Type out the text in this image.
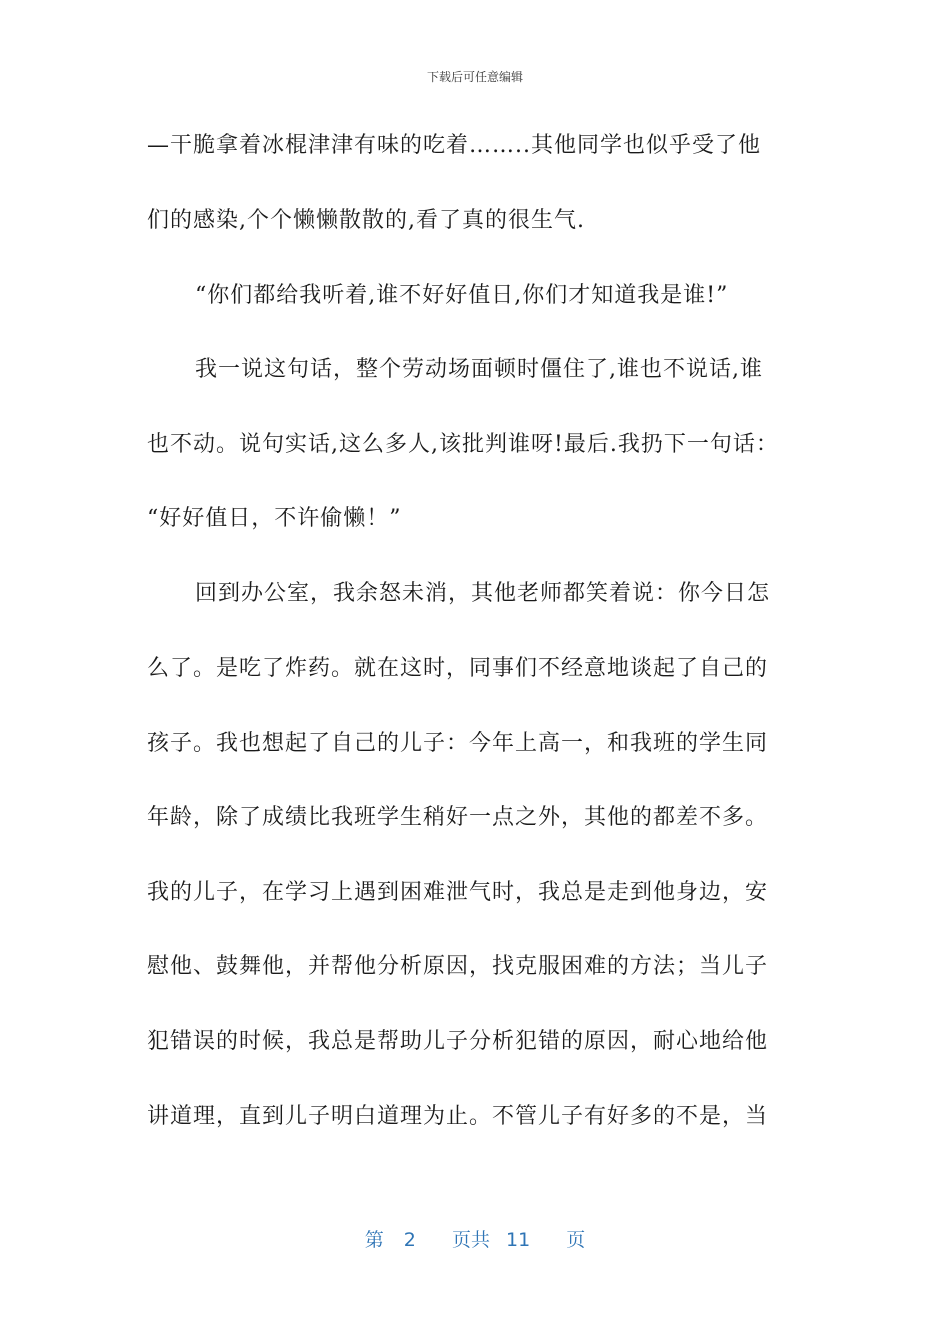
下载后可任意编辑
—干脆拿着冰棍津津有味的吃着……..其他同学也似乎受了他
们的感染,个个懒懒散散的,看了真的很生气.
“你们都给我听着,谁不好好值日,你们才知道我是谁!”
我一说这句话，整个劳动场面顿时僵住了,谁也不说话,谁
也不动。说句实话,这么多人,该批判谁呀!最后.我扔下一句话：
“好好值日，不许偷懒！”
回到办公室，我余怒未消，其他老师都笑着说：你今日怎
么了。是吃了炸药。就在这时，同事们不经意地谈起了自己的
孩子。我也想起了自己的儿子：今年上高一，和我班的学生同
年龄，除了成绩比我班学生稍好一点之外，其他的都差不多。
我的儿子，在学习上遇到困难泄气时，我总是走到他身边，安
慰他、鼓舞他，并帮他分析原因，找克服困难的方法；当儿子
犯错误的时候，我总是帮助儿子分析犯错的原因，耐心地给他
讲道理，直到儿子明白道理为止。不管儿子有好多的不是，当
第 2 页共 11 页
